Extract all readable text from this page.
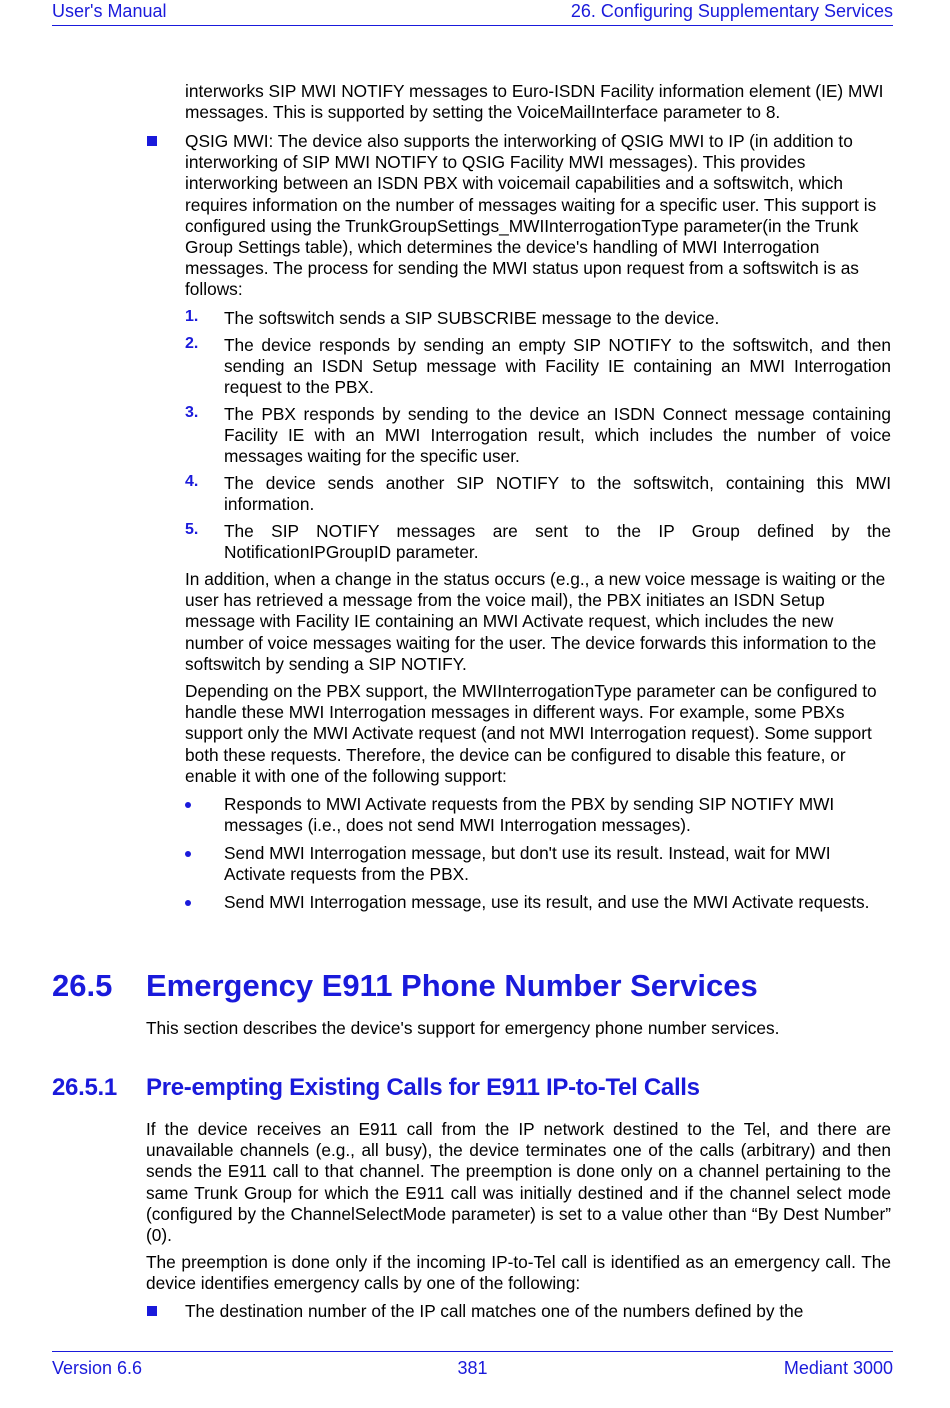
User's Manual	26. Configuring Supplementary Services

interworks SIP MWI NOTIFY messages to Euro-ISDN Facility information element (IE) MWI messages. This is supported by setting the VoiceMailInterface parameter to 8.

QSIG MWI: The device also supports the interworking of QSIG MWI to IP (in addition to interworking of SIP MWI NOTIFY to QSIG Facility MWI messages). This provides interworking between an ISDN PBX with voicemail capabilities and a softswitch, which requires information on the number of messages waiting for a specific user. This support is configured using the TrunkGroupSettings_MWIInterrogationType parameter(in the Trunk Group Settings table), which determines the device's handling of MWI Interrogation messages. The process for sending the MWI status upon request from a softswitch is as follows:

1. The softswitch sends a SIP SUBSCRIBE message to the device.

2. The device responds by sending an empty SIP NOTIFY to the softswitch, and then sending an ISDN Setup message with Facility IE containing an MWI Interrogation request to the PBX.

3. The PBX responds by sending to the device an ISDN Connect message containing Facility IE with an MWI Interrogation result, which includes the number of voice messages waiting for the specific user.

4. The device sends another SIP NOTIFY to the softswitch, containing this MWI information.

5. The SIP NOTIFY messages are sent to the IP Group defined by the NotificationIPGroupID parameter.

In addition, when a change in the status occurs (e.g., a new voice message is waiting or the user has retrieved a message from the voice mail), the PBX initiates an ISDN Setup message with Facility IE containing an MWI Activate request, which includes the new number of voice messages waiting for the user. The device forwards this information to the softswitch by sending a SIP NOTIFY.

Depending on the PBX support, the MWIInterrogationType parameter can be configured to handle these MWI Interrogation messages in different ways. For example, some PBXs support only the MWI Activate request (and not MWI Interrogation request). Some support both these requests. Therefore, the device can be configured to disable this feature, or enable it with one of the following support:

Responds to MWI Activate requests from the PBX by sending SIP NOTIFY MWI messages (i.e., does not send MWI Interrogation messages).

Send MWI Interrogation message, but don't use its result. Instead, wait for MWI Activate requests from the PBX.

Send MWI Interrogation message, use its result, and use the MWI Activate requests.

26.5 Emergency E911 Phone Number Services

This section describes the device's support for emergency phone number services.

26.5.1 Pre-empting Existing Calls for E911 IP-to-Tel Calls

If the device receives an E911 call from the IP network destined to the Tel, and there are unavailable channels (e.g., all busy), the device terminates one of the calls (arbitrary) and then sends the E911 call to that channel. The preemption is done only on a channel pertaining to the same Trunk Group for which the E911 call was initially destined and if the channel select mode (configured by the ChannelSelectMode parameter) is set to a value other than “By Dest Number” (0).

The preemption is done only if the incoming IP-to-Tel call is identified as an emergency call. The device identifies emergency calls by one of the following:

The destination number of the IP call matches one of the numbers defined by the

Version 6.6	381	Mediant 3000
